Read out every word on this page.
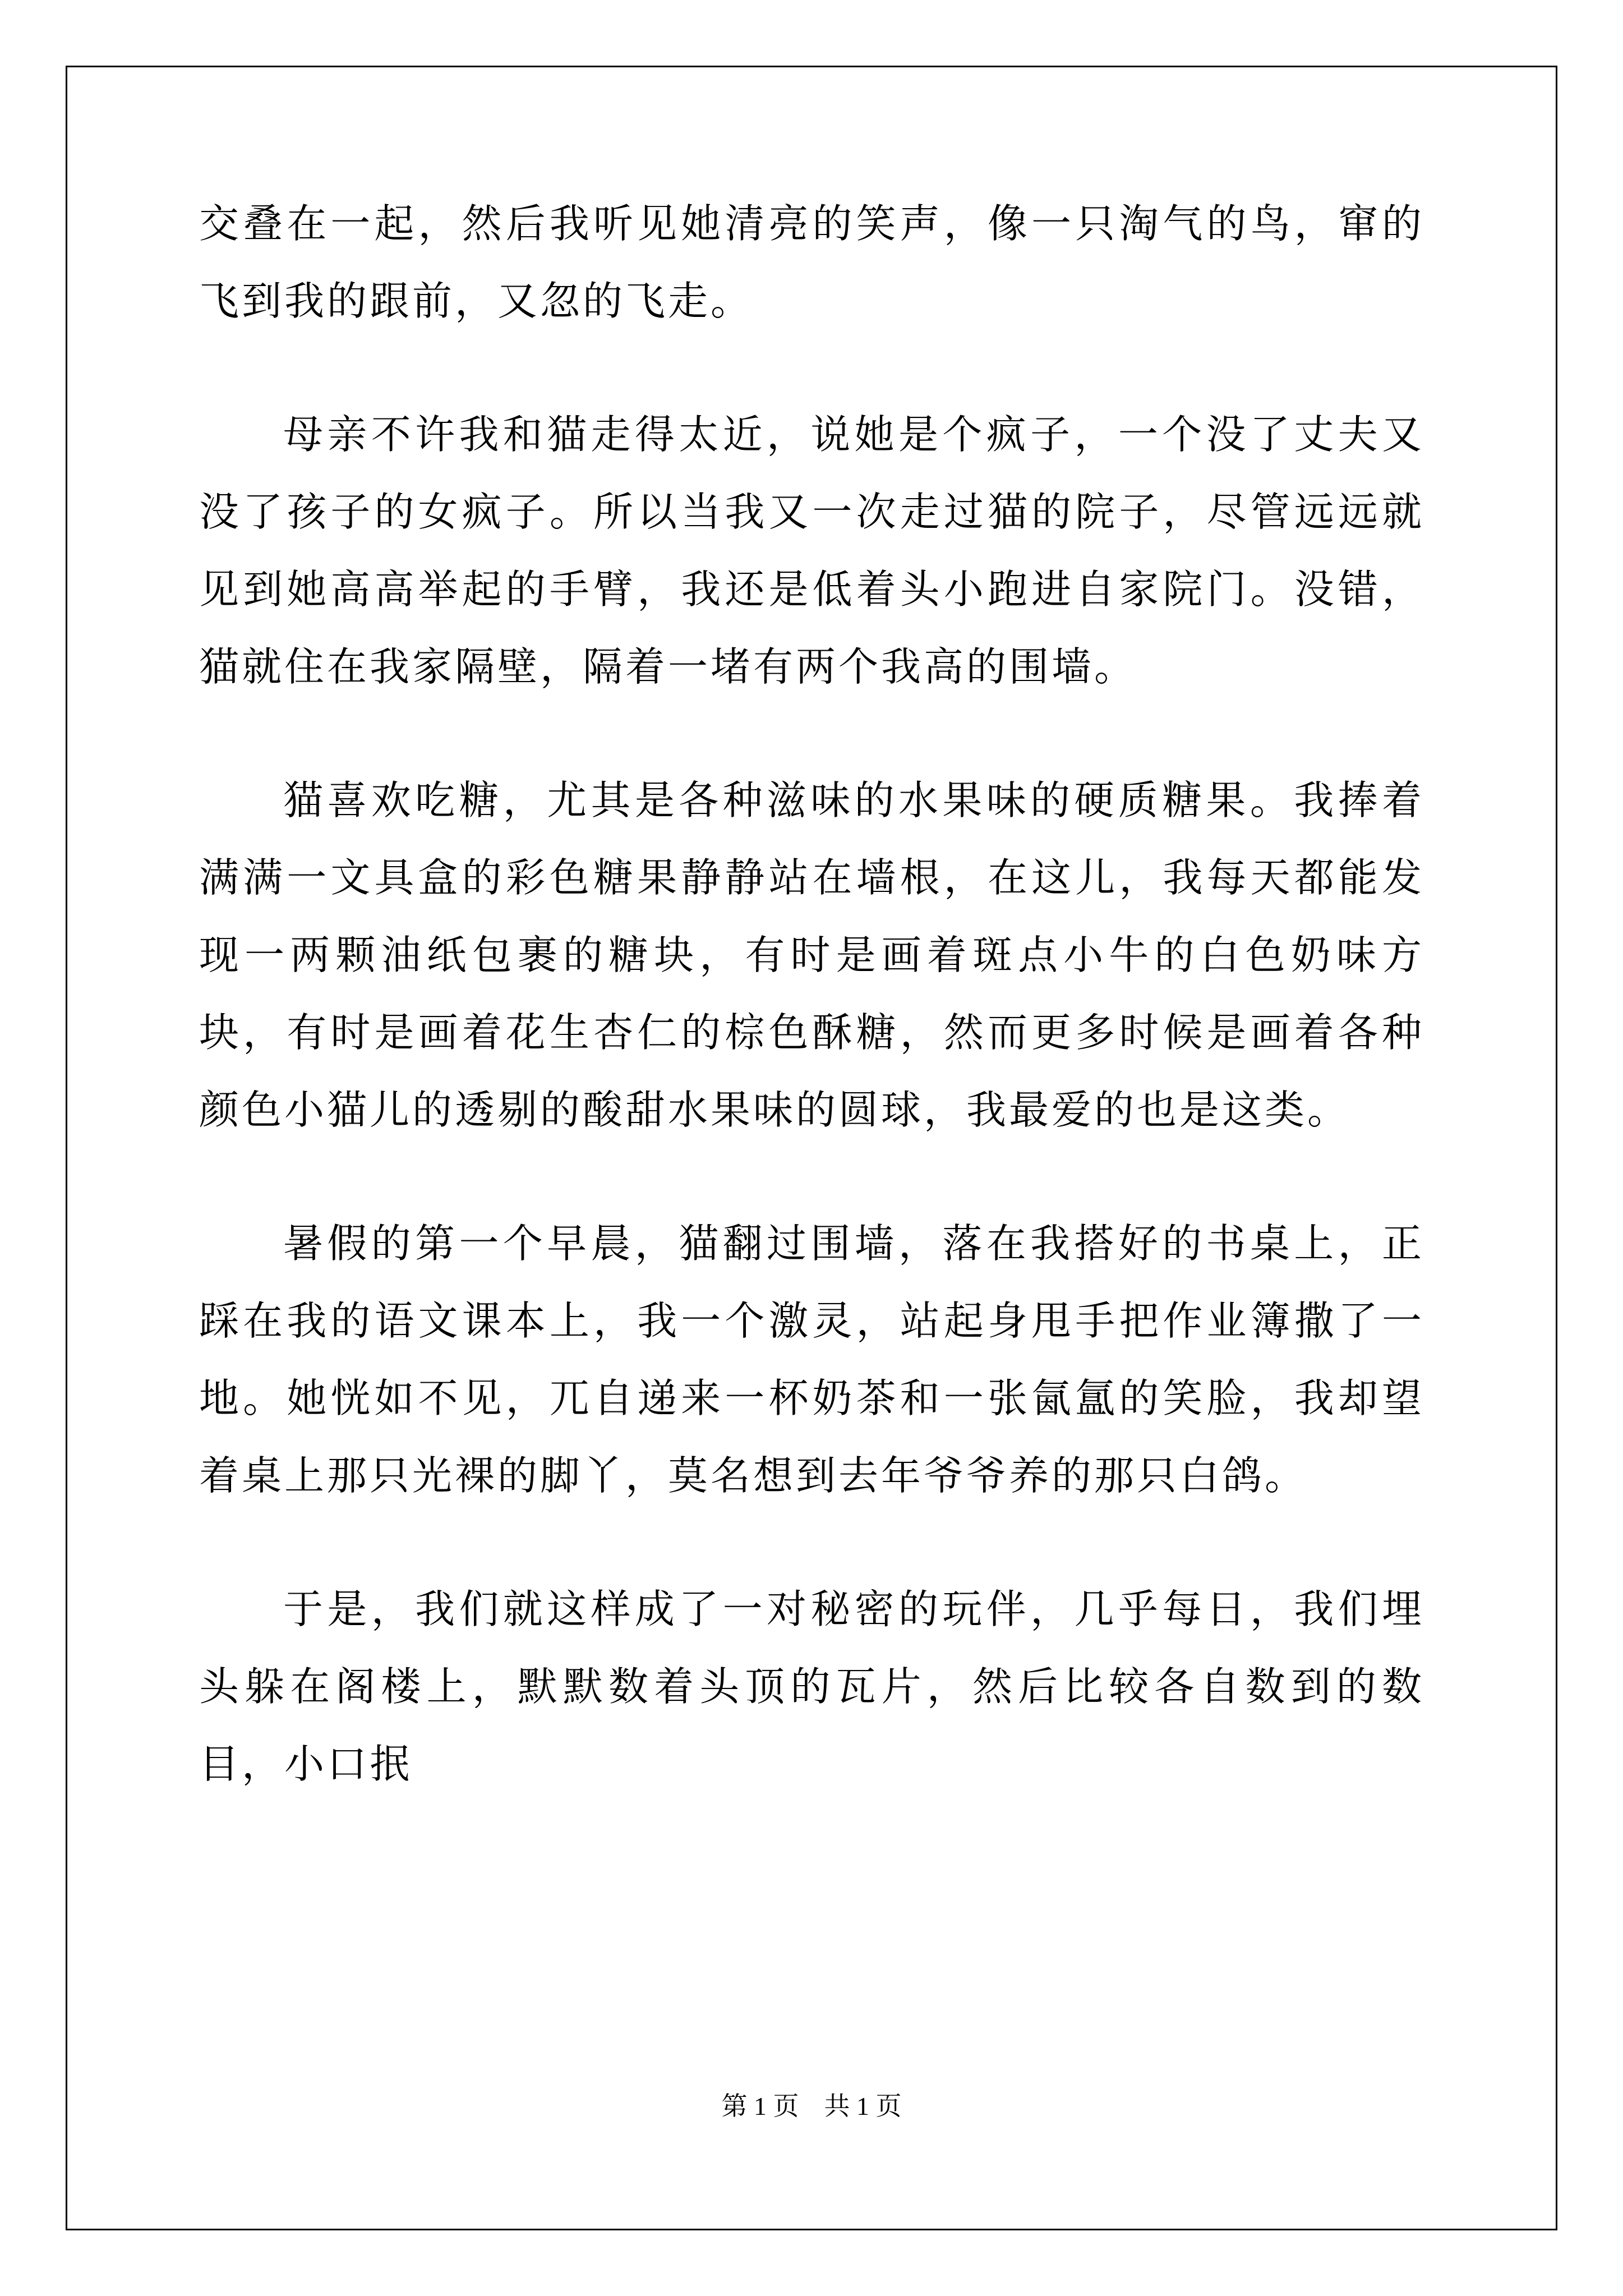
交叠在一起，然后我听见她清亮的笑声，像一只淘气的鸟，窜的飞到我的跟前，又忽的飞走。

母亲不许我和猫走得太近，说她是个疯子，一个没了丈夫又没了孩子的女疯子。所以当我又一次走过猫的院子，尽管远远就见到她高高举起的手臂，我还是低着头小跑进自家院门。没错，猫就住在我家隔壁，隔着一堵有两个我高的围墙。

猫喜欢吃糖，尤其是各种滋味的水果味的硬质糖果。我捧着满满一文具盒的彩色糖果静静站在墙根，在这儿，我每天都能发现一两颗油纸包裹的糖块，有时是画着斑点小牛的白色奶味方块，有时是画着花生杏仁的棕色酥糖，然而更多时候是画着各种颜色小猫儿的透剔的酸甜水果味的圆球，我最爱的也是这类。

暑假的第一个早晨，猫翻过围墙，落在我搭好的书桌上，正踩在我的语文课本上，我一个激灵，站起身甩手把作业簿撒了一地。她恍如不见，兀自递来一杯奶茶和一张氤氲的笑脸，我却望着桌上那只光裸的脚丫，莫名想到去年爷爷养的那只白鸽。

于是，我们就这样成了一对秘密的玩伴，几乎每日，我们埋头躲在阁楼上，默默数着头顶的瓦片，然后比较各自数到的数目，小口抿

第 1 页 共 1 页
